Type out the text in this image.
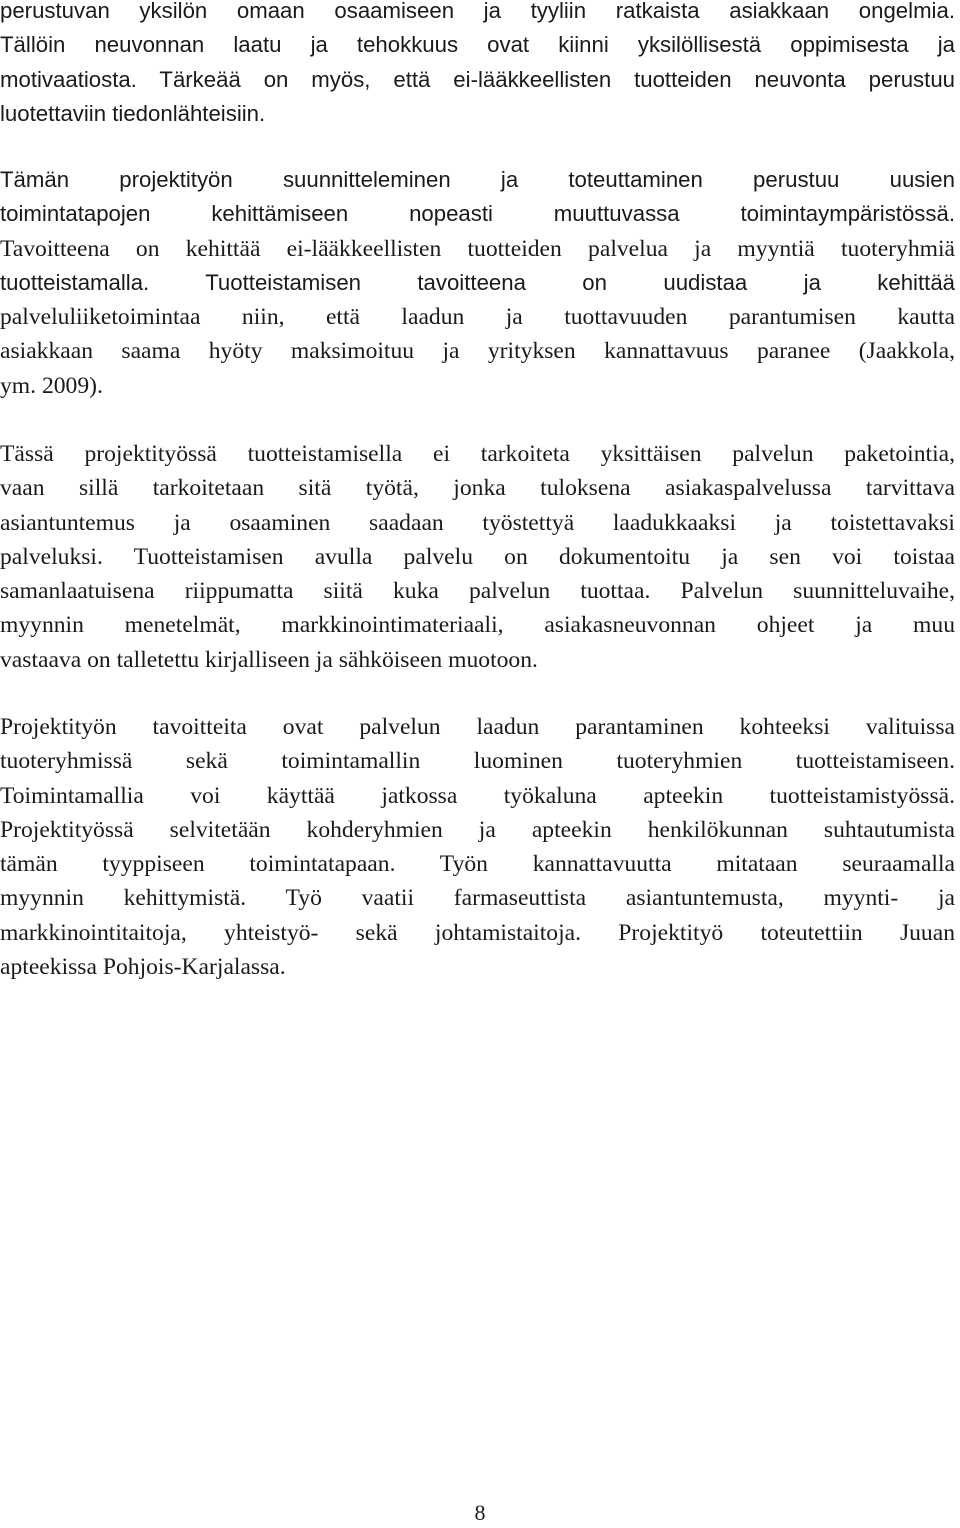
perustuvan yksilön omaan osaamiseen ja tyyliin ratkaista asiakkaan ongelmia.
Tällöin neuvonnan laatu ja tehokkuus ovat kiinni yksilöllisestä oppimisesta ja
motivaatiosta. Tärkeää on myös, että ei-lääkkeellisten tuotteiden neuvonta perustuu
luotettaviin tiedonlähteisiin.
Tämän projektityön suunnitteleminen ja toteuttaminen perustuu uusien
toimintatapojen kehittämiseen nopeasti muuttuvassa toimintaympäristössä.
Tavoitteena on kehittää ei-lääkkeellisten tuotteiden palvelua ja myyntiä tuoteryhmiä
tuotteistamalla. Tuotteistamisen tavoitteena on uudistaa ja kehittää
palveluliiketoimintaa niin, että laadun ja tuottavuuden parantumisen kautta
asiakkaan saama hyöty maksimoituu ja yrityksen kannattavuus paranee (Jaakkola,
ym. 2009).
Tässä projektityössä tuotteistamisella ei tarkoiteta yksittäisen palvelun paketointia,
vaan sillä tarkoitetaan sitä työtä, jonka tuloksena asiakaspalvelussa tarvittava
asiantuntemus ja osaaminen saadaan työstettyä laadukkaaksi ja toistettavaksi
palveluksi. Tuotteistamisen avulla palvelu on dokumentoitu ja sen voi toistaa
samanlaatuisena riippumatta siitä kuka palvelun tuottaa. Palvelun suunnitteluvaihe,
myynnin menetelmät, markkinointimateriaali, asiakasneuvonnan ohjeet ja muu
vastaava on talletettu kirjalliseen ja sähköiseen muotoon.
Projektityön tavoitteita ovat palvelun laadun parantaminen kohteeksi valituissa
tuoteryhmissä sekä toimintamallin luominen tuoteryhmien tuotteistamiseen.
Toimintamallia voi käyttää jatkossa työkaluna apteekin tuotteistamistyössä.
Projektityössä selvitetään kohderyhmien ja apteekin henkilökunnan suhtautumista
tämän tyyppiseen toimintatapaan. Työn kannattavuutta mitataan seuraamalla
myynnin kehittymistä. Työ vaatii farmaseuttista asiantuntemusta, myynti- ja
markkinointitaitoja, yhteistyö- sekä johtamistaitoja. Projektityö toteutettiin Juuan
apteekissa Pohjois-Karjalassa.
8
